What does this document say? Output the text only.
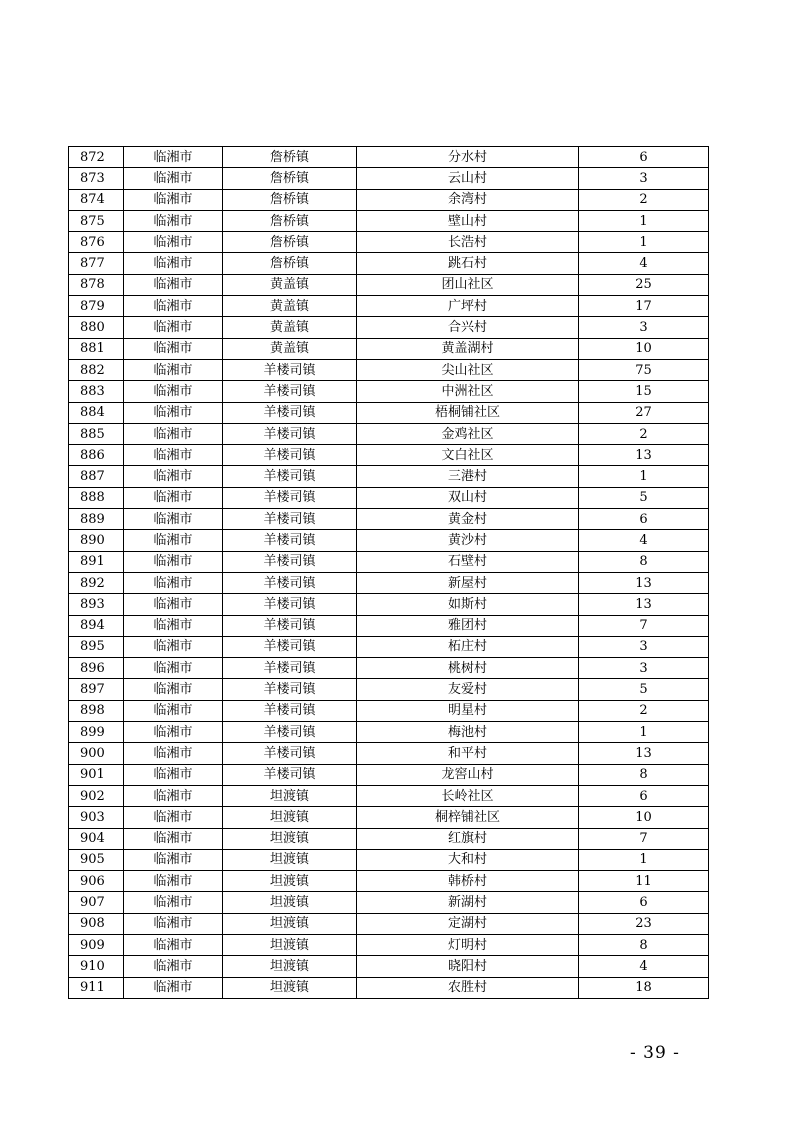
872	临湘市	詹桥镇	分水村	6
873	临湘市	詹桥镇	云山村	3
874	临湘市	詹桥镇	余湾村	2
875	临湘市	詹桥镇	壁山村	1
876	临湘市	詹桥镇	长浩村	1
877	临湘市	詹桥镇	跳石村	4
878	临湘市	黄盖镇	团山社区	25
879	临湘市	黄盖镇	广坪村	17
880	临湘市	黄盖镇	合兴村	3
881	临湘市	黄盖镇	黄盖湖村	10
882	临湘市	羊楼司镇	尖山社区	75
883	临湘市	羊楼司镇	中洲社区	15
884	临湘市	羊楼司镇	梧桐铺社区	27
885	临湘市	羊楼司镇	金鸡社区	2
886	临湘市	羊楼司镇	文白社区	13
887	临湘市	羊楼司镇	三港村	1
888	临湘市	羊楼司镇	双山村	5
889	临湘市	羊楼司镇	黄金村	6
890	临湘市	羊楼司镇	黄沙村	4
891	临湘市	羊楼司镇	石壁村	8
892	临湘市	羊楼司镇	新屋村	13
893	临湘市	羊楼司镇	如斯村	13
894	临湘市	羊楼司镇	雅团村	7
895	临湘市	羊楼司镇	柘庄村	3
896	临湘市	羊楼司镇	桃树村	3
897	临湘市	羊楼司镇	友爱村	5
898	临湘市	羊楼司镇	明星村	2
899	临湘市	羊楼司镇	梅池村	1
900	临湘市	羊楼司镇	和平村	13
901	临湘市	羊楼司镇	龙窖山村	8
902	临湘市	坦渡镇	长岭社区	6
903	临湘市	坦渡镇	桐梓铺社区	10
904	临湘市	坦渡镇	红旗村	7
905	临湘市	坦渡镇	大和村	1
906	临湘市	坦渡镇	韩桥村	11
907	临湘市	坦渡镇	新湖村	6
908	临湘市	坦渡镇	定湖村	23
909	临湘市	坦渡镇	灯明村	8
910	临湘市	坦渡镇	晓阳村	4
911	临湘市	坦渡镇	农胜村	18
- 39 -
